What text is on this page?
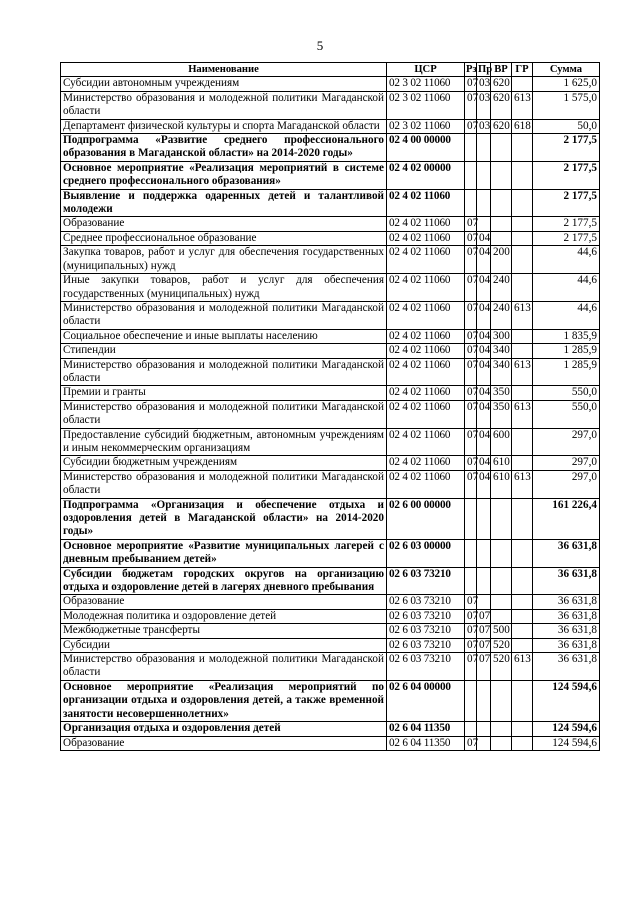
5
Наименование	ЦСР	Рз	Пр	ВР	ГР	Сумма
Субсидии автономным учреждениям	02 3 02 11060	07	03	620		1 625,0
Министерство образования и молодежной политики Магаданской области	02 3 02 11060	07	03	620	613	1 575,0
Департамент физической культуры и спорта Магаданской области	02 3 02 11060	07	03	620	618	50,0
Подпрограмма «Развитие среднего профессионального образования в Магаданской области» на 2014-2020 годы»	02 4 00 00000					2 177,5
Основное мероприятие «Реализация мероприятий в системе среднего профессионального образования»	02 4 02 00000					2 177,5
Выявление и поддержка одаренных детей и талантливой молодежи	02 4 02 11060					2 177,5
Образование	02 4 02 11060	07				2 177,5
Среднее профессиональное образование	02 4 02 11060	07	04			2 177,5
Закупка товаров, работ и услуг для обеспечения государственных (муниципальных) нужд	02 4 02 11060	07	04	200		44,6
Иные закупки товаров, работ и услуг для обеспечения государственных (муниципальных) нужд	02 4 02 11060	07	04	240		44,6
Министерство образования и молодежной политики Магаданской области	02 4 02 11060	07	04	240	613	44,6
Социальное обеспечение и иные выплаты населению	02 4 02 11060	07	04	300		1 835,9
Стипендии	02 4 02 11060	07	04	340		1 285,9
Министерство образования и молодежной политики Магаданской области	02 4 02 11060	07	04	340	613	1 285,9
Премии и гранты	02 4 02 11060	07	04	350		550,0
Министерство образования и молодежной политики Магаданской области	02 4 02 11060	07	04	350	613	550,0
Предоставление субсидий бюджетным, автономным учреждениям и иным некоммерческим организациям	02 4 02 11060	07	04	600		297,0
Субсидии бюджетным учреждениям	02 4 02 11060	07	04	610		297,0
Министерство образования и молодежной политики Магаданской области	02 4 02 11060	07	04	610	613	297,0
Подпрограмма «Организация и обеспечение отдыха и оздоровления детей в Магаданской области» на 2014-2020 годы»	02 6 00 00000					161 226,4
Основное мероприятие «Развитие муниципальных лагерей с дневным пребыванием детей»	02 6 03 00000					36 631,8
Субсидии бюджетам городских округов на организацию отдыха и оздоровление детей в лагерях дневного пребывания	02 6 03 73210					36 631,8
Образование	02 6 03 73210	07				36 631,8
Молодежная политика и оздоровление детей	02 6 03 73210	07	07			36 631,8
Межбюджетные трансферты	02 6 03 73210	07	07	500		36 631,8
Субсидии	02 6 03 73210	07	07	520		36 631,8
Министерство образования и молодежной политики Магаданской области	02 6 03 73210	07	07	520	613	36 631,8
Основное мероприятие «Реализация мероприятий по организации отдыха и оздоровления детей, а также временной занятости несовершеннолетних»	02 6 04 00000					124 594,6
Организация отдыха и оздоровления детей	02 6 04 11350					124 594,6
Образование	02 6 04 11350	07				124 594,6
